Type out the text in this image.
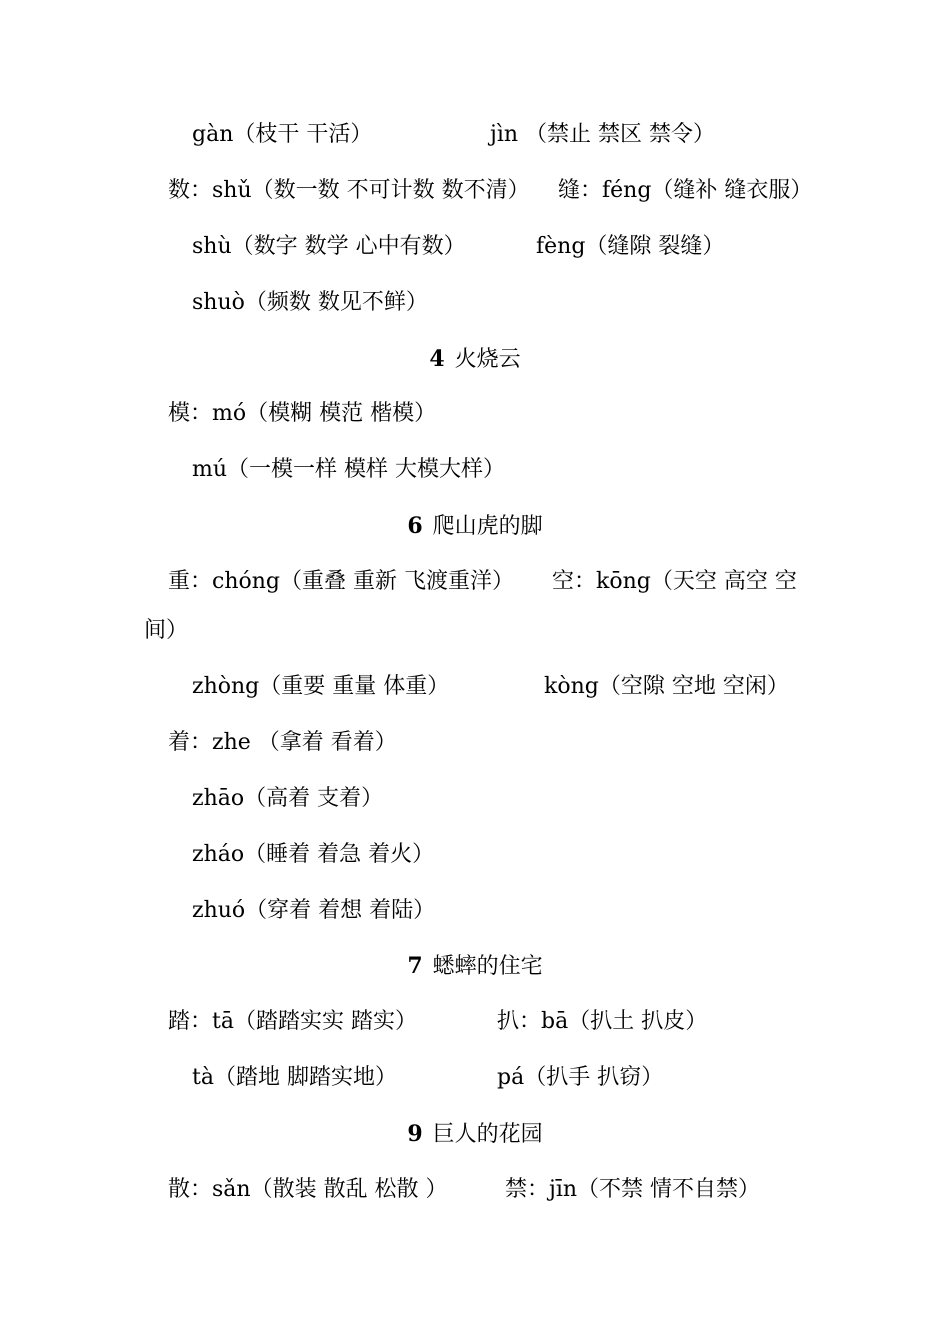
gàn（枝干 干活）	jìn （禁止 禁区 禁令）
数：shǔ（数一数 不可计数 数不清） 缝：féng（缝补 缝衣服）
shù（数字 数学 心中有数）	fèng（缝隙 裂缝）
shuò（频数 数见不鲜）
4 火烧云
模：mó（模糊 模范 楷模）
mú（一模一样 模样 大模大样）
6 爬山虎的脚
重：chóng（重叠 重新 飞渡重洋） 空：kōng（天空 高空 空
间）
zhòng（重要 重量 体重）	kòng（空隙 空地 空闲）
着：zhe （拿着 看着）
zhāo（高着 支着）
zháo（睡着 着急 着火）
zhuó（穿着 着想 着陆）
7 蟋蟀的住宅
踏：tā（踏踏实实 踏实）	扒：bā（扒土 扒皮）
tà（踏地 脚踏实地）	pá（扒手 扒窃）
9 巨人的花园
散：sǎn（散装 散乱 松散 ）	禁：jīn（不禁 情不自禁）
